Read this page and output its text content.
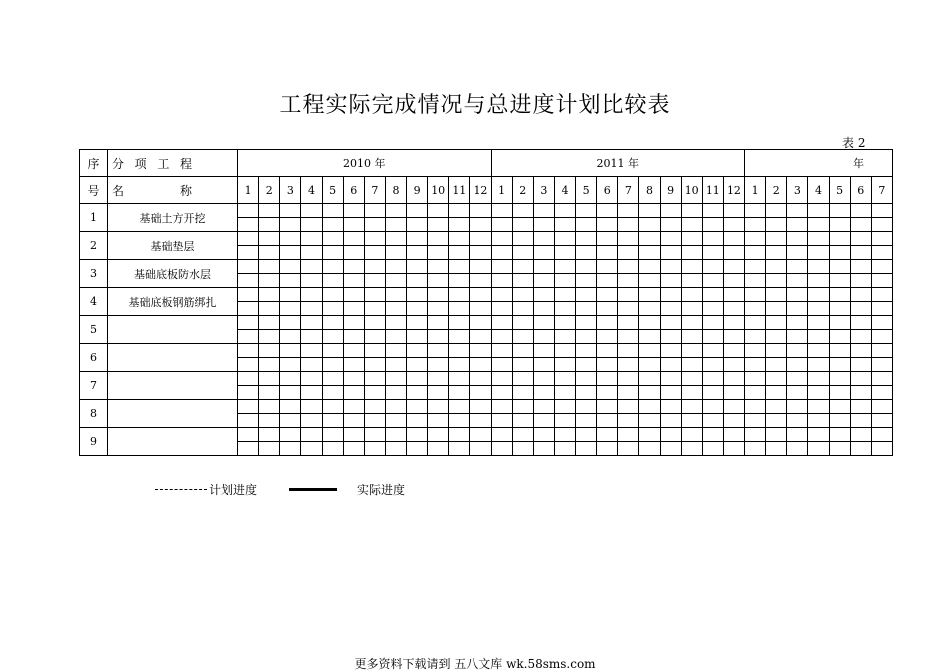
工程实际完成情况与总进度计划比较表
表 2
序	分 项 工 程	2010 年												2011 年												年						
号	名 称	1	2	3	4	5	6	7	8	9	10	11	12	1	2	3	4	5	6	7	8	9	10	11	12	1	2	3	4	5	6	7
1	基础土方开挖																															

2	基础垫层																															

3	基础底板防水层																															

4	基础底板钢筋绑扎																															

5																																

6																																

7																																

8																																

9																																

计划进度	实际进度
更多资料下载请到 五八文库 wk.58sms.com
